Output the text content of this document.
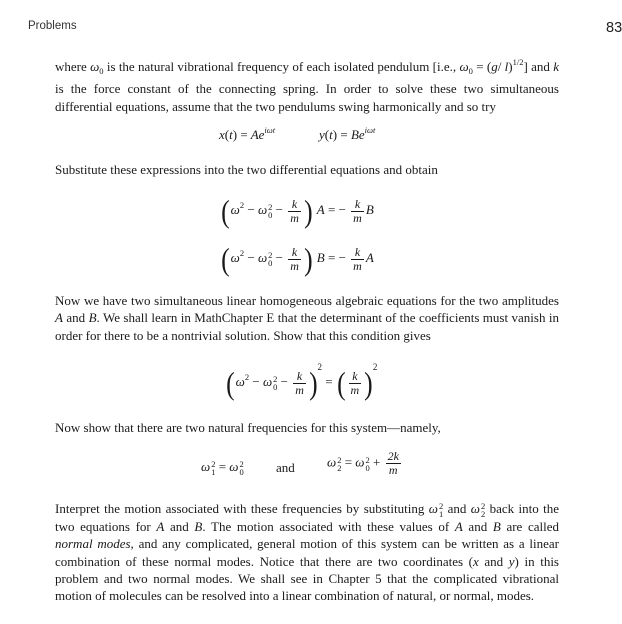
Problems	83
where $\omega_0$ is the natural vibrational frequency of each isolated pendulum [i.e., $\omega_0 = (g/$ l)$^{1/2}$] and k is the force constant of the connecting spring. In order to solve these two simultaneous differential equations, assume that the two pendulums swing harmonically and so try
$x(t) = Ae^{i\omega t}$	$y(t) = Be^{i\omega t}$
Substitute these expressions into the two differential equations and obtain
($\omega^2 - \omega 2$
$0 - \frac{k}{m}$ ) A = − $\frac{k}{m}$ B
($\omega^2 - \omega 2$
$0 - \frac{k}{m}$ ) B = − $\frac{k}{m}$ A
Now we have two simultaneous linear homogeneous algebraic equations for the two amplitudes A and B. We shall learn in MathChapter E that the determinant of the coefficients must vanish in order for there to be a nontrivial solution. Show that this condition gives
($\omega^2 - \omega 2$
$0 - \frac{k}{m} )^2$ = ( $\frac{k}{m} )^2$
Now show that there are two natural frequencies for this system—namely,
ω2
1 = ω2
0 and ω2
2 = ω2
$0 + \frac{2k}{m}$
Interpret the motion associated with these frequencies by substituting ω2
1 and ω2
2 back into the two equations for A and B. The motion associated with these values of A and B are called normal modes, and any complicated, general motion of this system can be written as a linear combination of these normal modes. Notice that there are two coordinates (x and y) in this problem and two normal modes. We shall see in Chapter 5 that the complicated vibrational motion of molecules can be resolved into a linear combination of natural, or normal, modes.
